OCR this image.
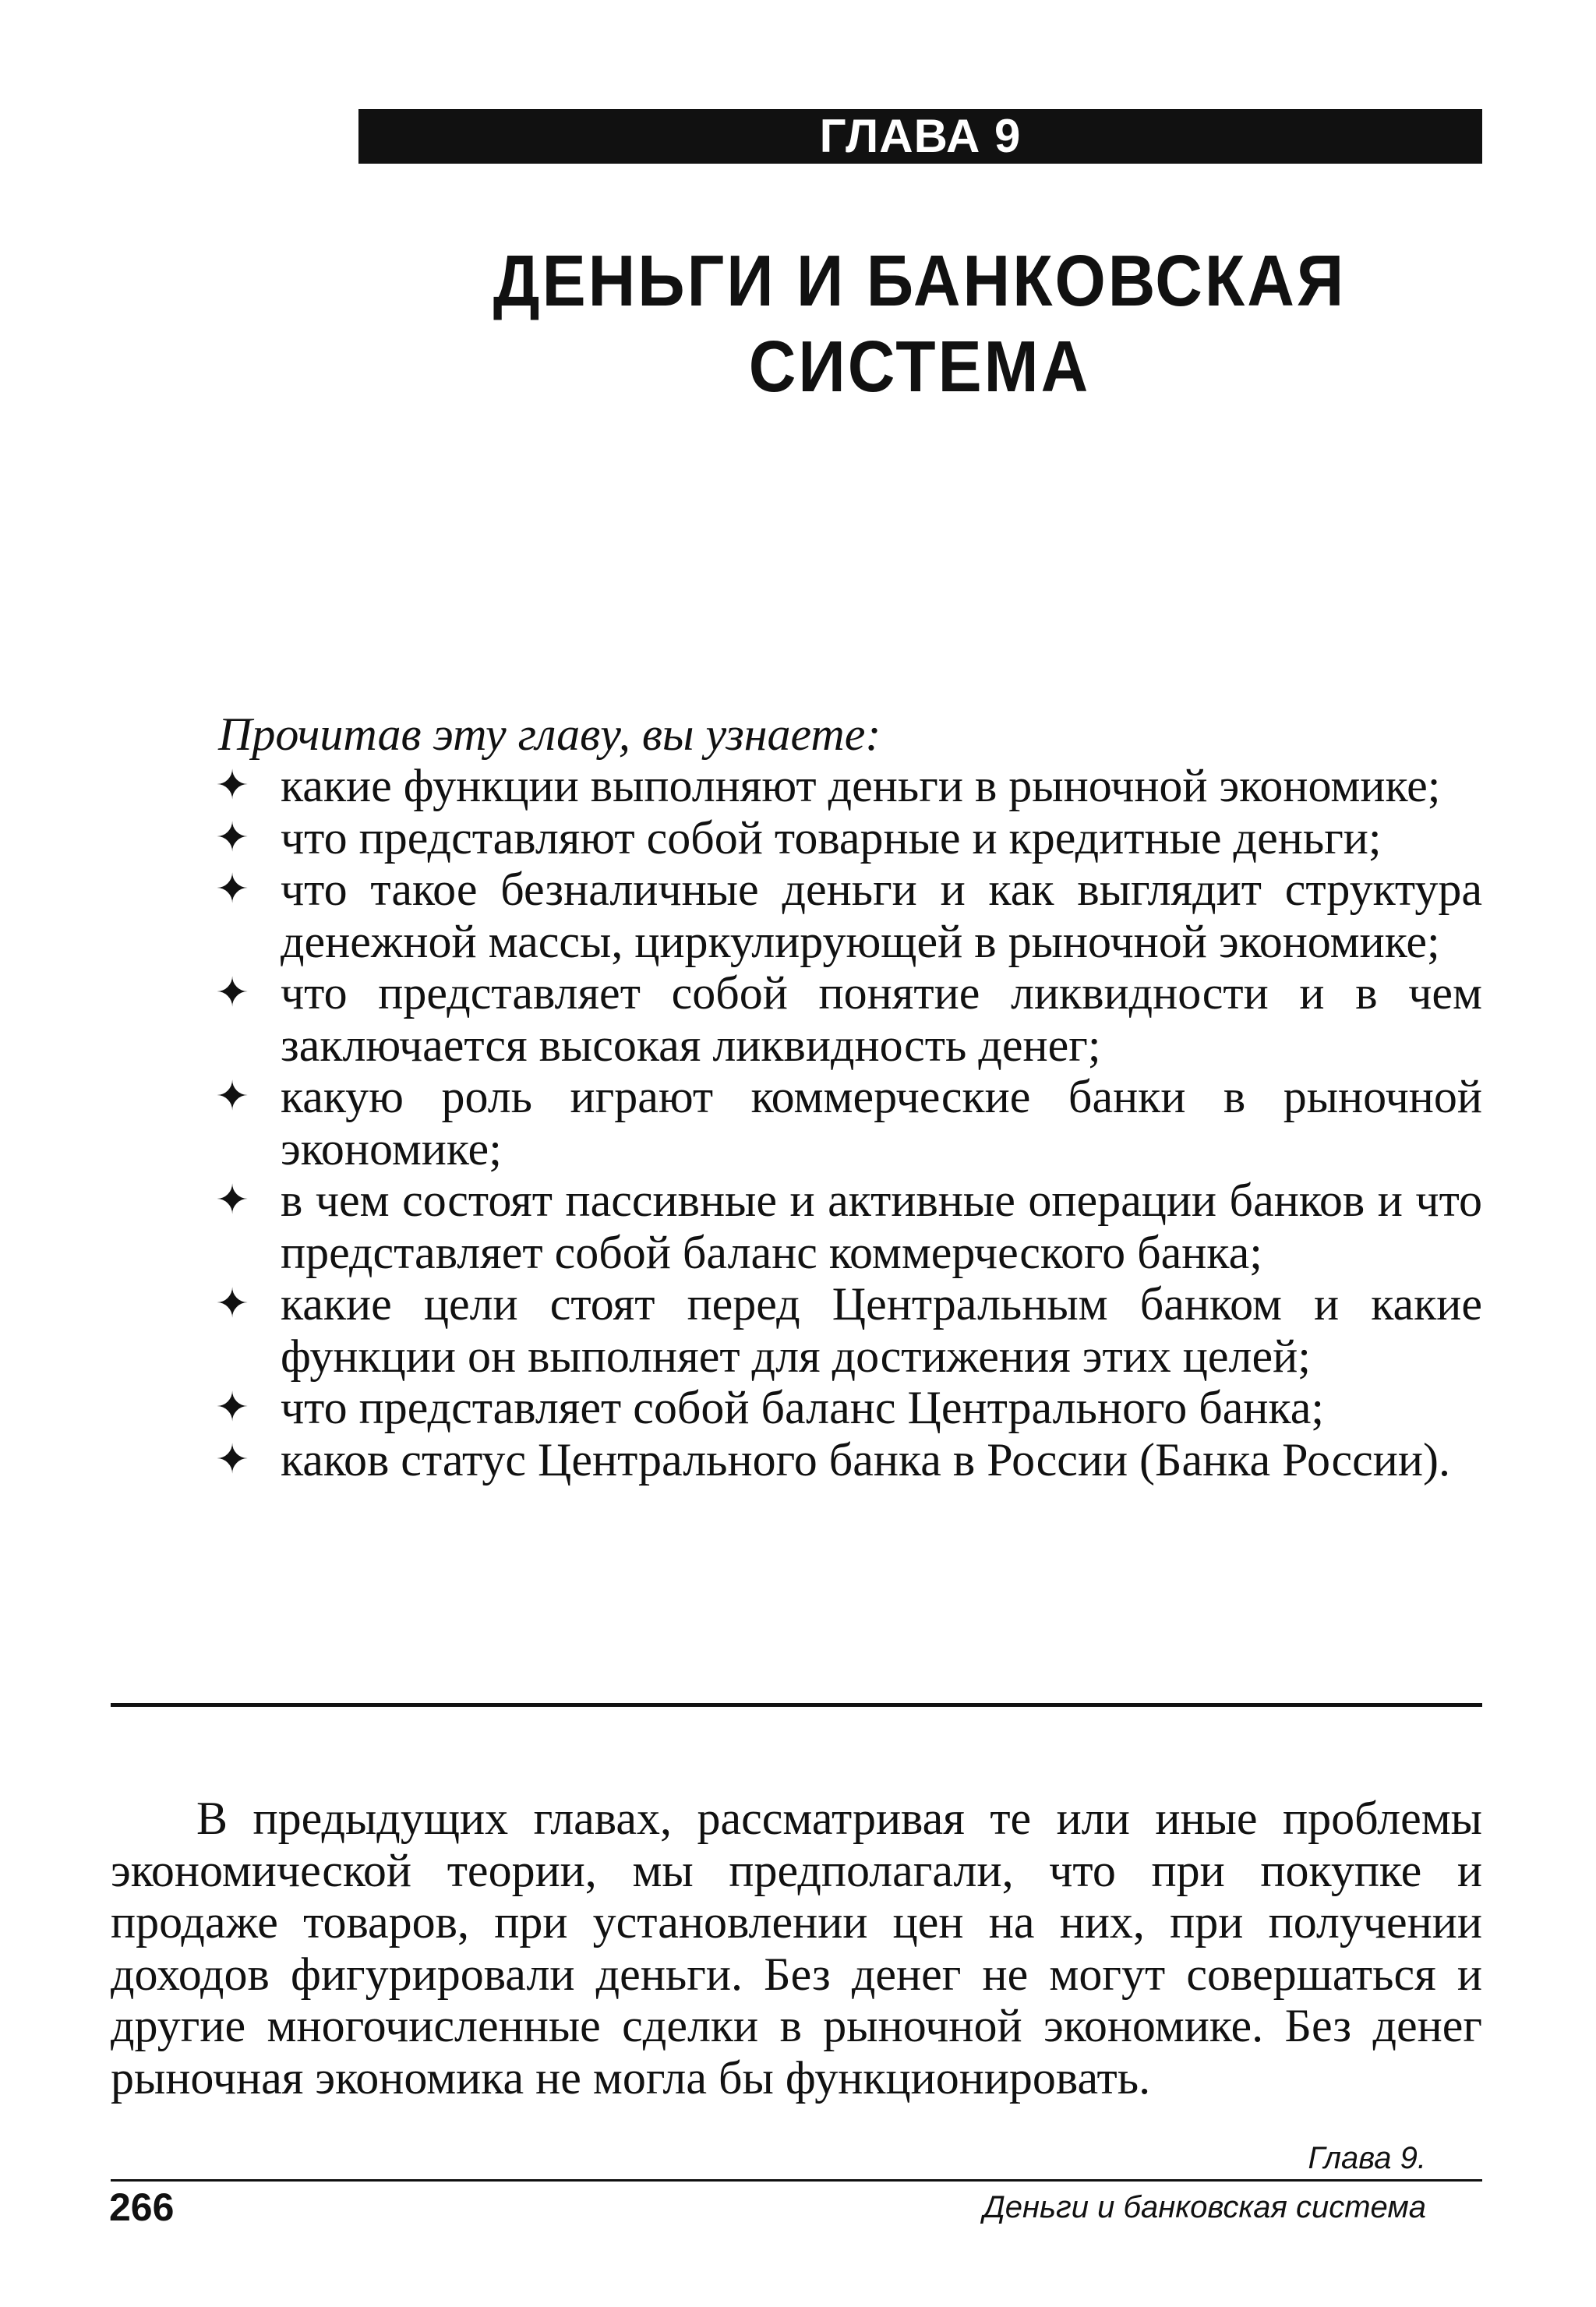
ГЛАВА 9
ДЕНЬГИ И БАНКОВСКАЯ СИСТЕМА
Прочитав эту главу, вы узнаете:
✦ какие функции выполняют деньги в рыночной экономике;
✦ что представляют собой товарные и кредитные деньги;
✦ что такое безналичные деньги и как выглядит структура денежной массы, циркулирующей в рыночной экономике;
✦ что представляет собой понятие ликвидности и в чем заключается высокая ликвидность денег;
✦ какую роль играют коммерческие банки в рыночной экономике;
✦ в чем состоят пассивные и активные операции банков и что представляет собой баланс коммерческого банка;
✦ какие цели стоят перед Центральным банком и какие функции он выполняет для достижения этих целей;
✦ что представляет собой баланс Центрального банка;
✦ каков статус Центрального банка в России (Банка России).

В предыдущих главах, рассматривая те или иные проблемы экономической теории, мы предполагали, что при покупке и продаже товаров, при установлении цен на них, при получении доходов фигурировали деньги. Без денег не могут совершаться и другие многочисленные сделки в рыночной экономике. Без денег рыночная экономика не могла бы функционировать.

Глава 9.
266	Деньги и банковская система
